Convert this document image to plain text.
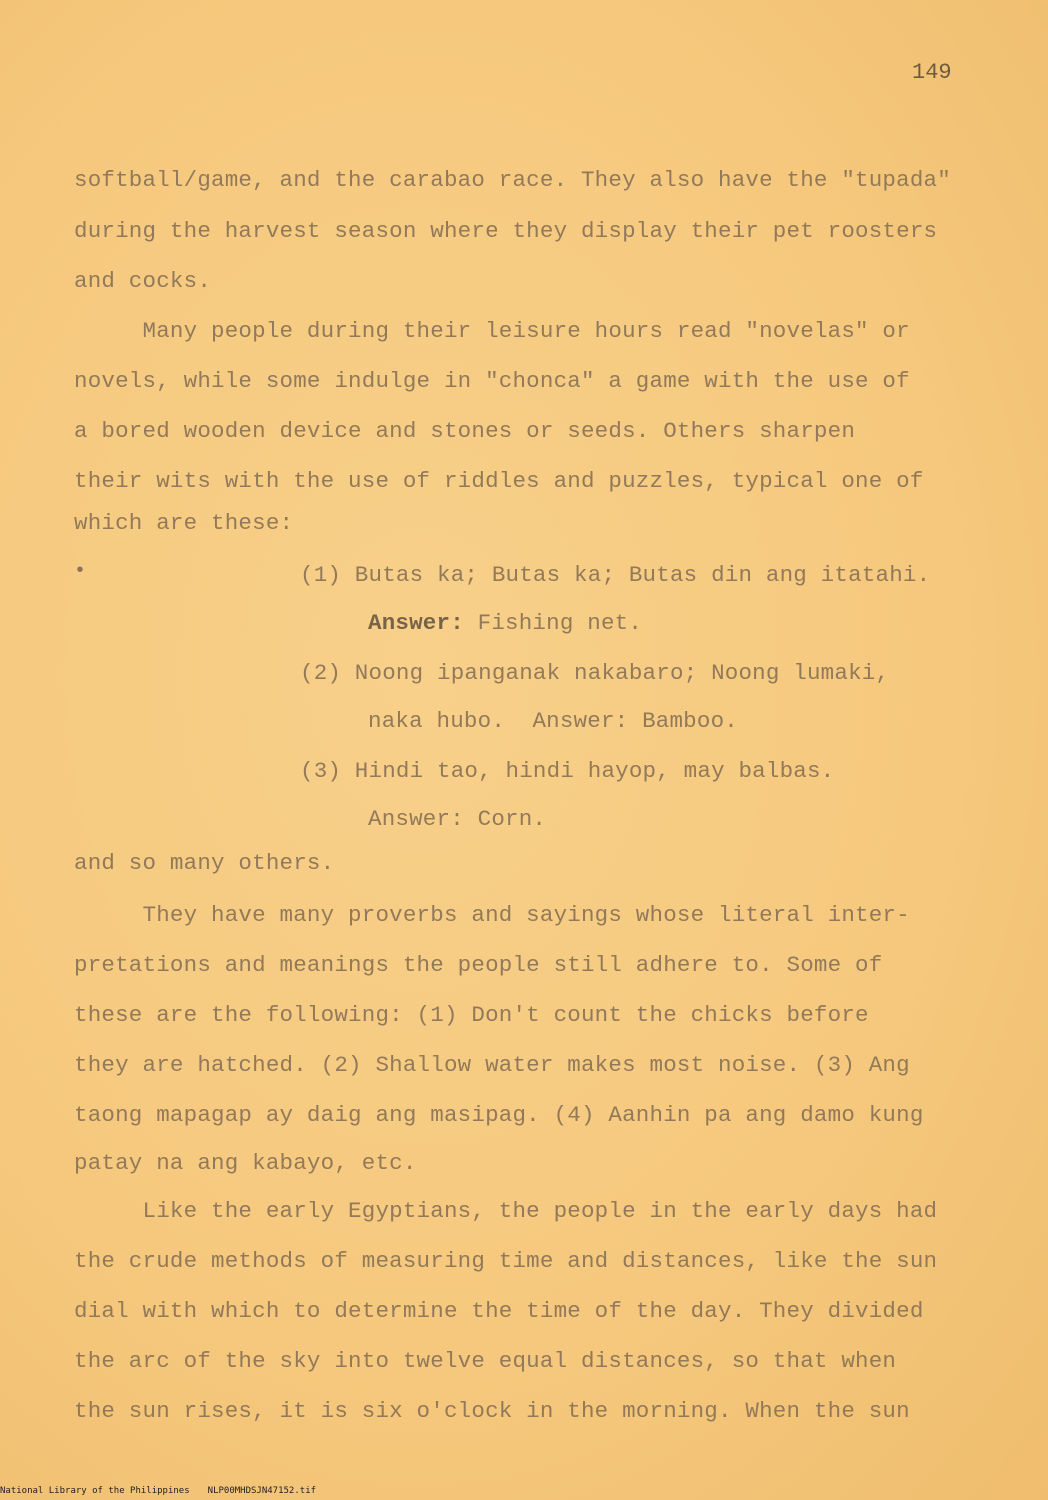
149
softball/game, and the carabao race. They also have the "tupada"
during the harvest season where they display their pet roosters
and cocks.
Many people during their leisure hours read "novelas" or
novels, while some indulge in "chonca" a game with the use of
a bored wooden device and stones or seeds. Others sharpen
their wits with the use of riddles and puzzles, typical one of
which are these:
•	(1) Butas ka; Butas ka; Butas din ang itatahi.
Answer: Fishing net.
(2) Noong ipanganak nakabaro; Noong lumaki,
naka hubo. Answer: Bamboo.
(3) Hindi tao, hindi hayop, may balbas.
Answer: Corn.
and so many others.
They have many proverbs and sayings whose literal inter-
pretations and meanings the people still adhere to. Some of
these are the following: (1) Don't count the chicks before
they are hatched. (2) Shallow water makes most noise. (3) Ang
taong mapagap ay daig ang masipag. (4) Aanhin pa ang damo kung
patay na ang kabayo, etc.
Like the early Egyptians, the people in the early days had
the crude methods of measuring time and distances, like the sun
dial with which to determine the time of the day. They divided
the arc of the sky into twelve equal distances, so that when
the sun rises, it is six o'clock in the morning. When the sun
National Library of the Philippines NLP00MHDSJN47152.tif
